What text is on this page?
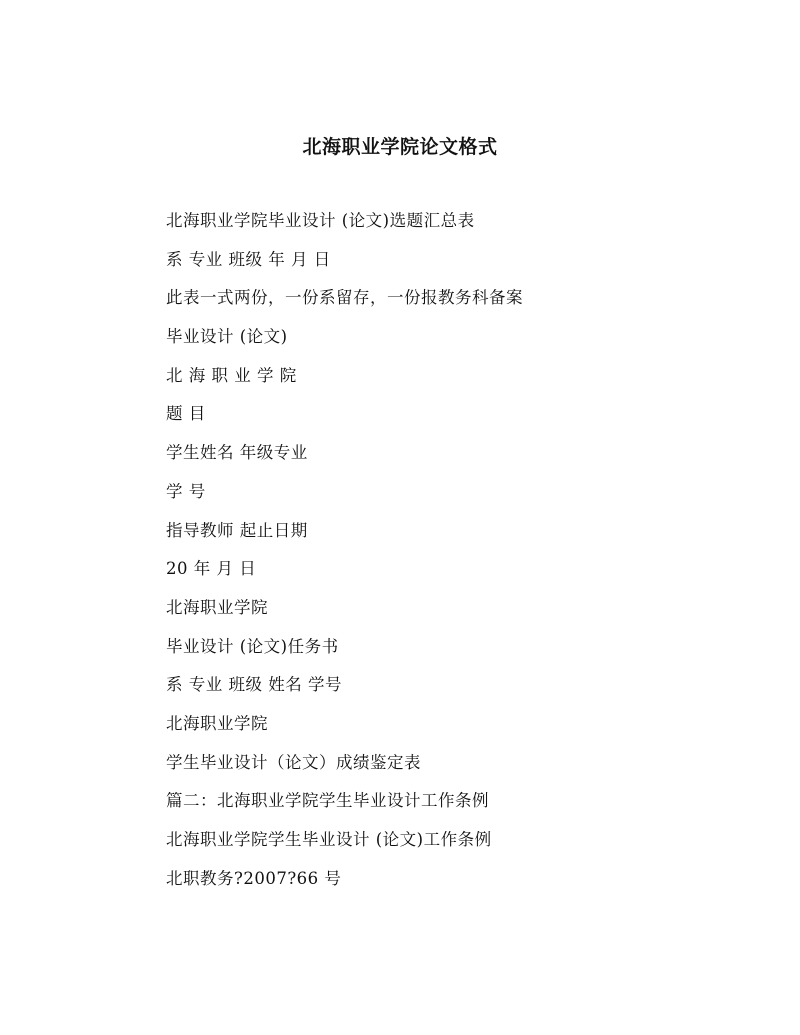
北海职业学院论文格式
北海职业学院毕业设计 (论文)选题汇总表
系 专业 班级 年 月 日
此表一式两份，一份系留存，一份报教务科备案
毕业设计 (论文)
北 海 职 业 学 院
题 目
学生姓名 年级专业
学 号
指导教师 起止日期
20 年 月 日
北海职业学院
毕业设计 (论文)任务书
系 专业 班级 姓名 学号
北海职业学院
学生毕业设计（论文）成绩鉴定表
篇二：北海职业学院学生毕业设计工作条例
北海职业学院学生毕业设计 (论文)工作条例
北职教务?2007?66 号
